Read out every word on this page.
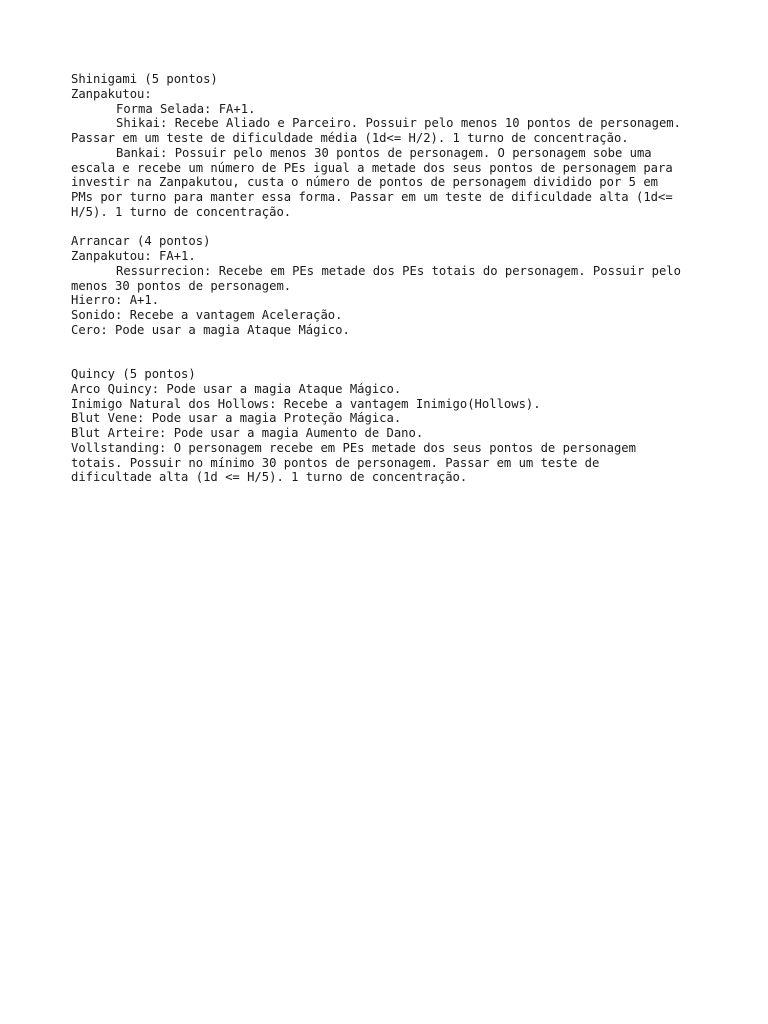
Shinigami (5 pontos)
Zanpakutou:
Forma Selada: FA+1.
Shikai: Recebe Aliado e Parceiro. Possuir pelo menos 10 pontos de personagem.
Passar em um teste de dificuldade média (1d<= H/2). 1 turno de concentração.
Bankai: Possuir pelo menos 30 pontos de personagem. O personagem sobe uma
escala e recebe um número de PEs igual a metade dos seus pontos de personagem para
investir na Zanpakutou, custa o número de pontos de personagem dividido por 5 em
PMs por turno para manter essa forma. Passar em um teste de dificuldade alta (1d<=
H/5). 1 turno de concentração.
Arrancar (4 pontos)
Zanpakutou: FA+1.
Ressurrecion: Recebe em PEs metade dos PEs totais do personagem. Possuir pelo
menos 30 pontos de personagem.
Hierro: A+1.
Sonido: Recebe a vantagem Aceleração.
Cero: Pode usar a magia Ataque Mágico.
Quincy (5 pontos)
Arco Quincy: Pode usar a magia Ataque Mágico.
Inimigo Natural dos Hollows: Recebe a vantagem Inimigo(Hollows).
Blut Vene: Pode usar a magia Proteção Mágica.
Blut Arteire: Pode usar a magia Aumento de Dano.
Vollstanding: O personagem recebe em PEs metade dos seus pontos de personagem
totais. Possuir no mínimo 30 pontos de personagem. Passar em um teste de
dificultade alta (1d <= H/5). 1 turno de concentração.
